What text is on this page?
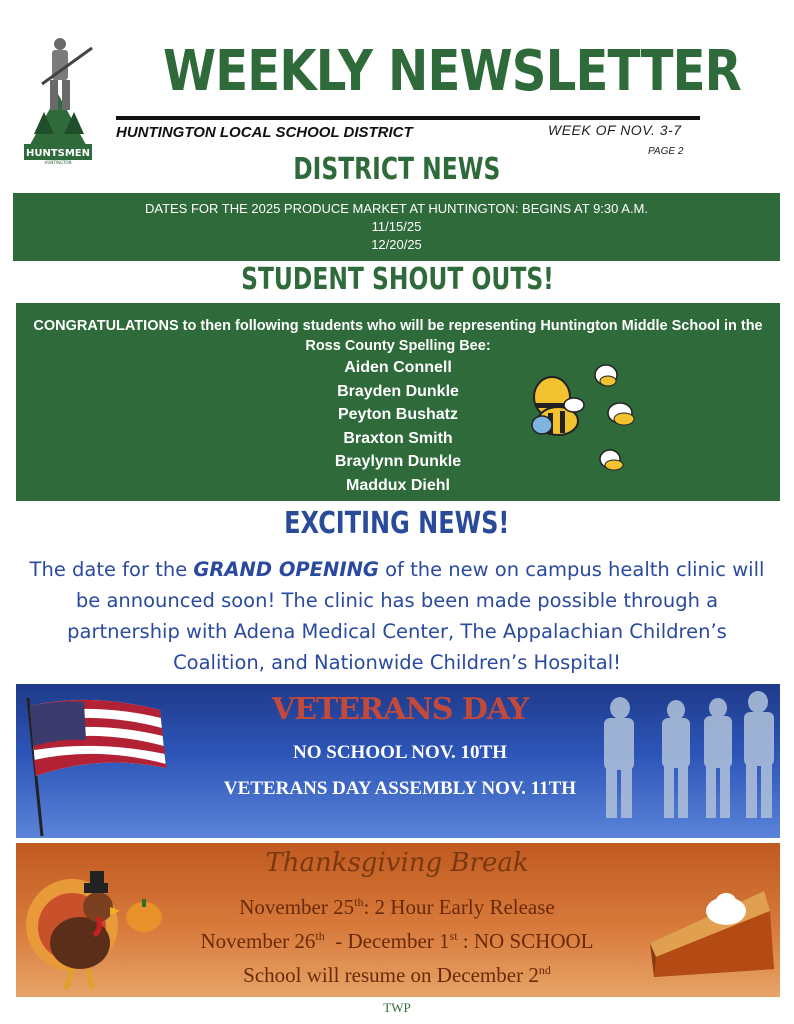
HUNTSMEN
HUNTINGTON
WEEKLY NEWSLETTER
HUNTINGTON LOCAL SCHOOL DISTRICT	WEEK OF NOV. 3-7
PAGE 2
DISTRICT NEWS
DATES FOR THE 2025 PRODUCE MARKET AT HUNTINGTON: BEGINS AT 9:30 A.M.
11/15/25
12/20/25
STUDENT SHOUT OUTS!
CONGRATULATIONS to then following students who will be representing Huntington Middle School in the Ross County Spelling Bee:
Aiden Connell
Brayden Dunkle
Peyton Bushatz
Braxton Smith
Braylynn Dunkle
Maddux Diehl
EXCITING NEWS!
The date for the GRAND OPENING of the new on campus health clinic will be announced soon! The clinic has been made possible through a partnership with Adena Medical Center, The Appalachian Children’s Coalition, and Nationwide Children’s Hospital!
VETERANS DAY
NO SCHOOL NOV. 10TH
VETERANS DAY ASSEMBLY NOV. 11TH
Thanksgiving Break
November 25th: 2 Hour Early Release
November 26th  - December 1st : NO SCHOOL
School will resume on December 2nd
TWP
